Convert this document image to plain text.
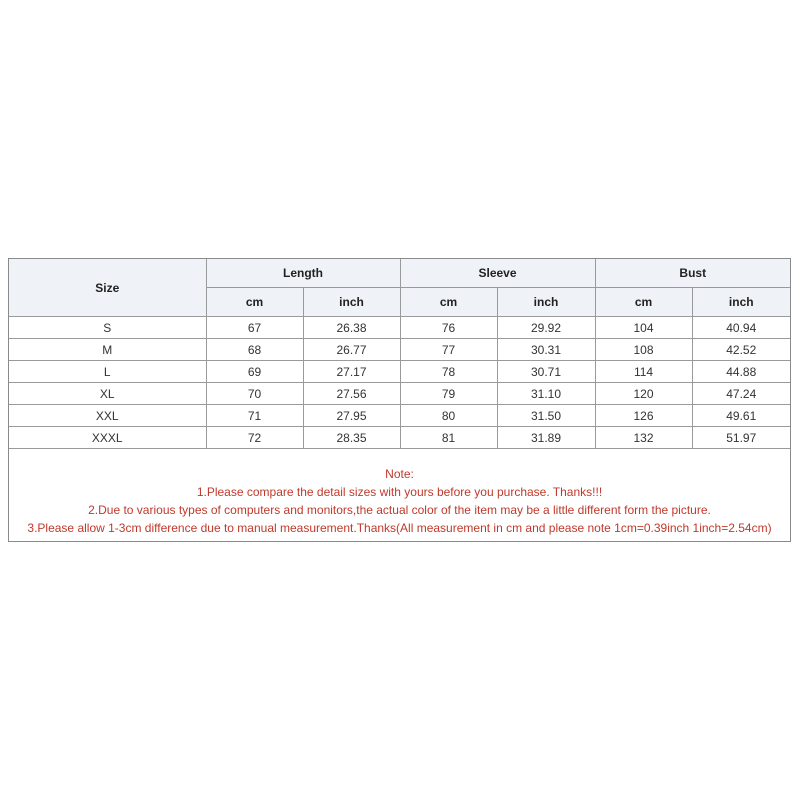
Size	Length		Sleeve		Bust	
	cm	inch	cm	inch	cm	inch
S	67	26.38	76	29.92	104	40.94
M	68	26.77	77	30.31	108	42.52
L	69	27.17	78	30.71	114	44.88
XL	70	27.56	79	31.10	120	47.24
XXL	71	27.95	80	31.50	126	49.61
XXXL	72	28.35	81	31.89	132	51.97
Note:
1.Please compare the detail sizes with yours before you purchase. Thanks!!!
2.Due to various types of computers and monitors,the actual color of the item may be a little different form the picture.
3.Please allow 1-3cm difference due to manual measurement.Thanks(All measurement in cm and please note 1cm=0.39inch 1inch=2.54cm)
